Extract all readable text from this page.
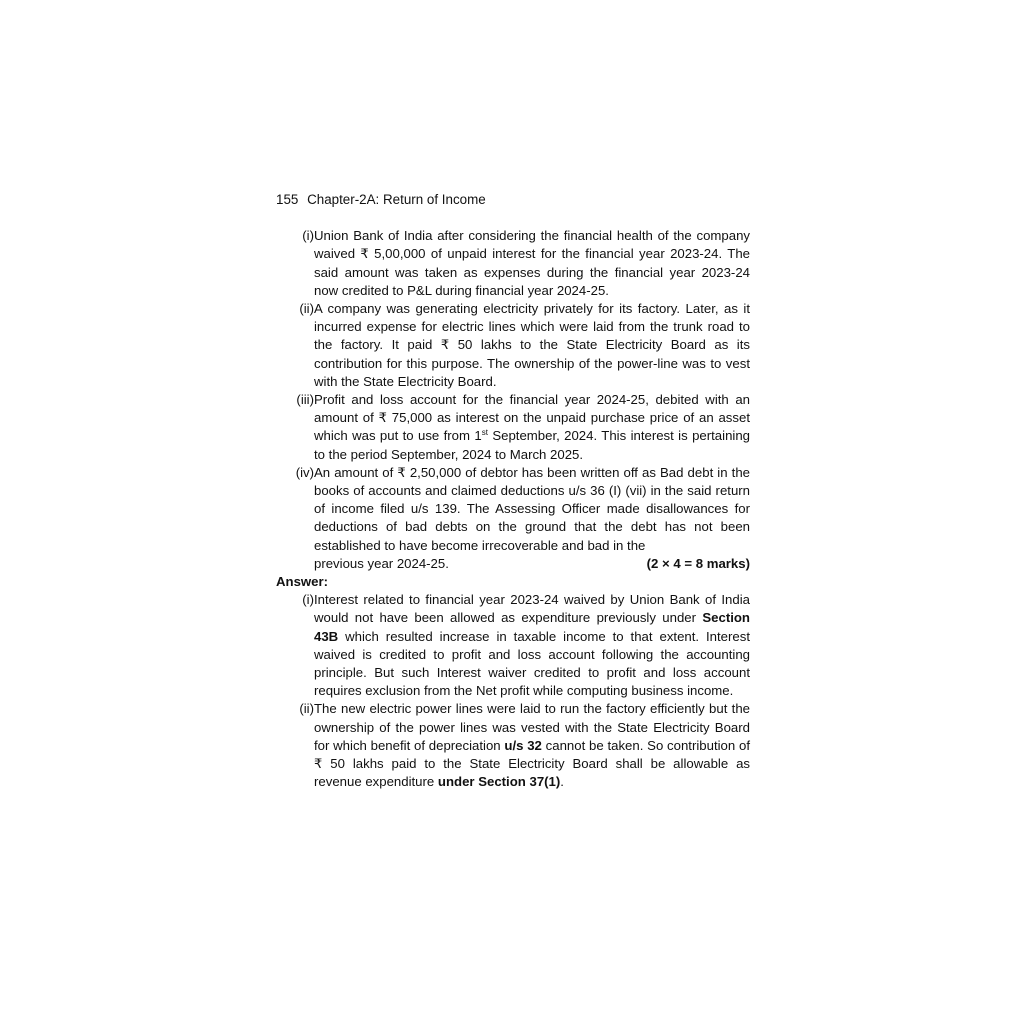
155 Chapter-2A: Return of Income
(i) Union Bank of India after considering the financial health of the company waived ₹ 5,00,000 of unpaid interest for the financial year 2023-24. The said amount was taken as expenses during the financial year 2023-24 now credited to P&L during financial year 2024-25.
(ii) A company was generating electricity privately for its factory. Later, as it incurred expense for electric lines which were laid from the trunk road to the factory. It paid ₹ 50 lakhs to the State Electricity Board as its contribution for this purpose. The ownership of the power-line was to vest with the State Electricity Board.
(iii) Profit and loss account for the financial year 2024-25, debited with an amount of ₹ 75,000 as interest on the unpaid purchase price of an asset which was put to use from 1st September, 2024. This interest is pertaining to the period September, 2024 to March 2025.
(iv) An amount of ₹ 2,50,000 of debtor has been written off as Bad debt in the books of accounts and claimed deductions u/s 36 (I) (vii) in the said return of income filed u/s 139. The Assessing Officer made disallowances for deductions of bad debts on the ground that the debt has not been established to have become irrecoverable and bad in the
previous year 2024-25.	(2 × 4 = 8 marks)
Answer:
(i) Interest related to financial year 2023-24 waived by Union Bank of India would not have been allowed as expenditure previously under Section 43B which resulted increase in taxable income to that extent. Interest waived is credited to profit and loss account following the accounting principle. But such Interest waiver credited to profit and loss account requires exclusion from the Net profit while computing business income.
(ii) The new electric power lines were laid to run the factory efficiently but the ownership of the power lines was vested with the State Electricity Board for which benefit of depreciation u/s 32 cannot be taken. So contribution of ₹ 50 lakhs paid to the State Electricity Board shall be allowable as revenue expenditure under Section 37(1).
